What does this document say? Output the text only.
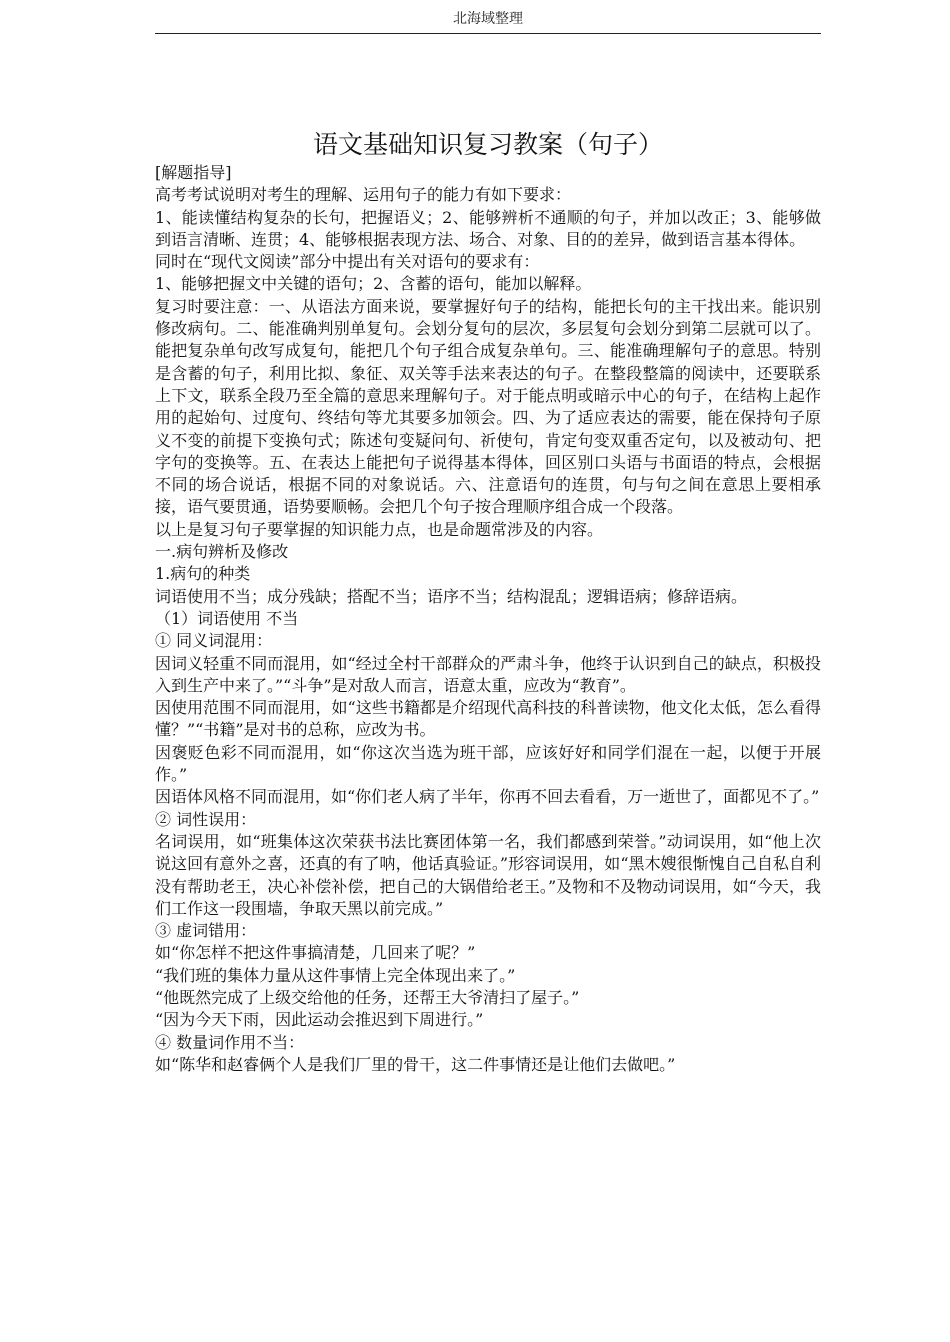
北海域整理
语文基础知识复习教案（句子）

[解题指导]

高考考试说明对考生的理解、运用句子的能力有如下要求：

1、能读懂结构复杂的长句，把握语义；2、能够辨析不通顺的句子，并加以改正；3、能够做到语言清晰、连贯；4、能够根据表现方法、场合、对象、目的的差异，做到语言基本得体。

同时在“现代文阅读”部分中提出有关对语句的要求有：

1、能够把握文中关键的语句；2、含蓄的语句，能加以解释。

复习时要注意：一、从语法方面来说，要掌握好句子的结构，能把长句的主干找出来。能识别修改病句。二、能准确判别单复句。会划分复句的层次，多层复句会划分到第二层就可以了。能把复杂单句改写成复句，能把几个句子组合成复杂单句。三、能准确理解句子的意思。特别是含蓄的句子，利用比拟、象征、双关等手法来表达的句子。在整段整篇的阅读中，还要联系上下文，联系全段乃至全篇的意思来理解句子。对于能点明或暗示中心的句子，在结构上起作用的起始句、过度句、终结句等尤其要多加领会。四、为了适应表达的需要，能在保持句子原义不变的前提下变换句式；陈述句变疑问句、祈使句，肯定句变双重否定句，以及被动句、把字句的变换等。五、在表达上能把句子说得基本得体，回区别口头语与书面语的特点，会根据不同的场合说话，根据不同的对象说话。六、注意语句的连贯，句与句之间在意思上要相承接，语气要贯通，语势要顺畅。会把几个句子按合理顺序组合成一个段落。

以上是复习句子要掌握的知识能力点，也是命题常涉及的内容。

一.病句辨析及修改

1.病句的种类

词语使用不当；成分残缺；搭配不当；语序不当；结构混乱；逻辑语病；修辞语病。

（1）词语使用 不当

① 同义词混用：

因词义轻重不同而混用，如“经过全村干部群众的严肃斗争，他终于认识到自己的缺点，积极投入到生产中来了。”“斗争”是对敌人而言，语意太重，应改为“教育”。

因使用范围不同而混用，如“这些书籍都是介绍现代高科技的科普读物，他文化太低，怎么看得懂？”“书籍”是对书的总称，应改为书。

因褒贬色彩不同而混用，如“你这次当选为班干部，应该好好和同学们混在一起，以便于开展作。”

因语体风格不同而混用，如“你们老人病了半年，你再不回去看看，万一逝世了，面都见不了。”

② 词性误用：

名词误用，如“班集体这次荣获书法比赛团体第一名，我们都感到荣誉。”动词误用，如“他上次说这回有意外之喜，还真的有了呐，他话真验证。”形容词误用，如“黑木嫂很惭愧自己自私自利没有帮助老王，决心补偿补偿，把自己的大锅借给老王。”及物和不及物动词误用，如“今天，我们工作这一段围墙，争取天黑以前完成。”

③ 虚词错用：

如“你怎样不把这件事搞清楚，几回来了呢？”

“我们班的集体力量从这件事情上完全体现出来了。”

“他既然完成了上级交给他的任务，还帮王大爷清扫了屋子。”

“因为今天下雨，因此运动会推迟到下周进行。”

④ 数量词作用不当：

如“陈华和赵睿俩个人是我们厂里的骨干，这二件事情还是让他们去做吧。”
